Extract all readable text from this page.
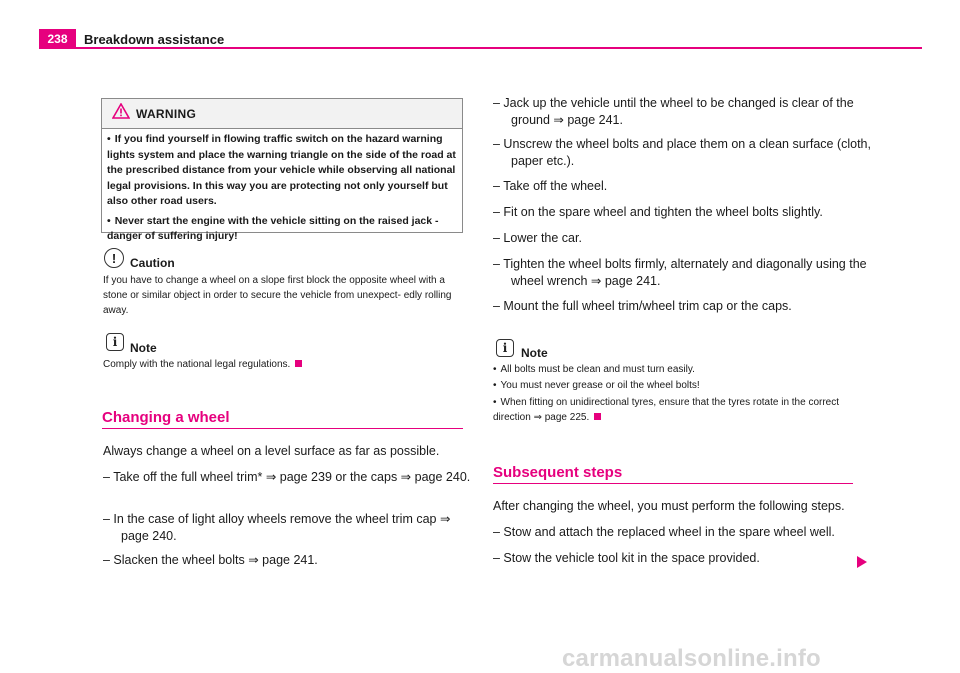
238	Breakdown assistance
WARNING

• If you find yourself in flowing traffic switch on the hazard warning lights system and place the warning triangle on the side of the road at the prescribed distance from your vehicle while observing all national legal provisions. In this way you are protecting not only yourself but also other road users.

• Never start the engine with the vehicle sitting on the raised jack - danger of suffering injury!

!	Caution
If you have to change a wheel on a slope first block the opposite wheel with a stone or similar object in order to secure the vehicle from unexpect- edly rolling away.
i	Note
Comply with the national legal regulations.
Changing a wheel
Always change a wheel on a level surface as far as possible.
– Take off the full wheel trim* ⇒ page 239 or the caps ⇒ page 240.
– In the case of light alloy wheels remove the wheel trim cap ⇒ page 240.
– Slacken the wheel bolts ⇒ page 241.
– Jack up the vehicle until the wheel to be changed is clear of the ground ⇒ page 241.
– Unscrew the wheel bolts and place them on a clean surface (cloth, paper etc.).
– Take off the wheel.
– Fit on the spare wheel and tighten the wheel bolts slightly.
– Lower the car.
– Tighten the wheel bolts firmly, alternately and diagonally using the wheel wrench ⇒ page 241.
– Mount the full wheel trim/wheel trim cap or the caps.
i	Note
• All bolts must be clean and must turn easily.
• You must never grease or oil the wheel bolts!
• When fitting on unidirectional tyres, ensure that the tyres rotate in the correct direction ⇒ page 225.
Subsequent steps
After changing the wheel, you must perform the following steps.
– Stow and attach the replaced wheel in the spare wheel well.
– Stow the vehicle tool kit in the space provided.
carmanualsonline.info
